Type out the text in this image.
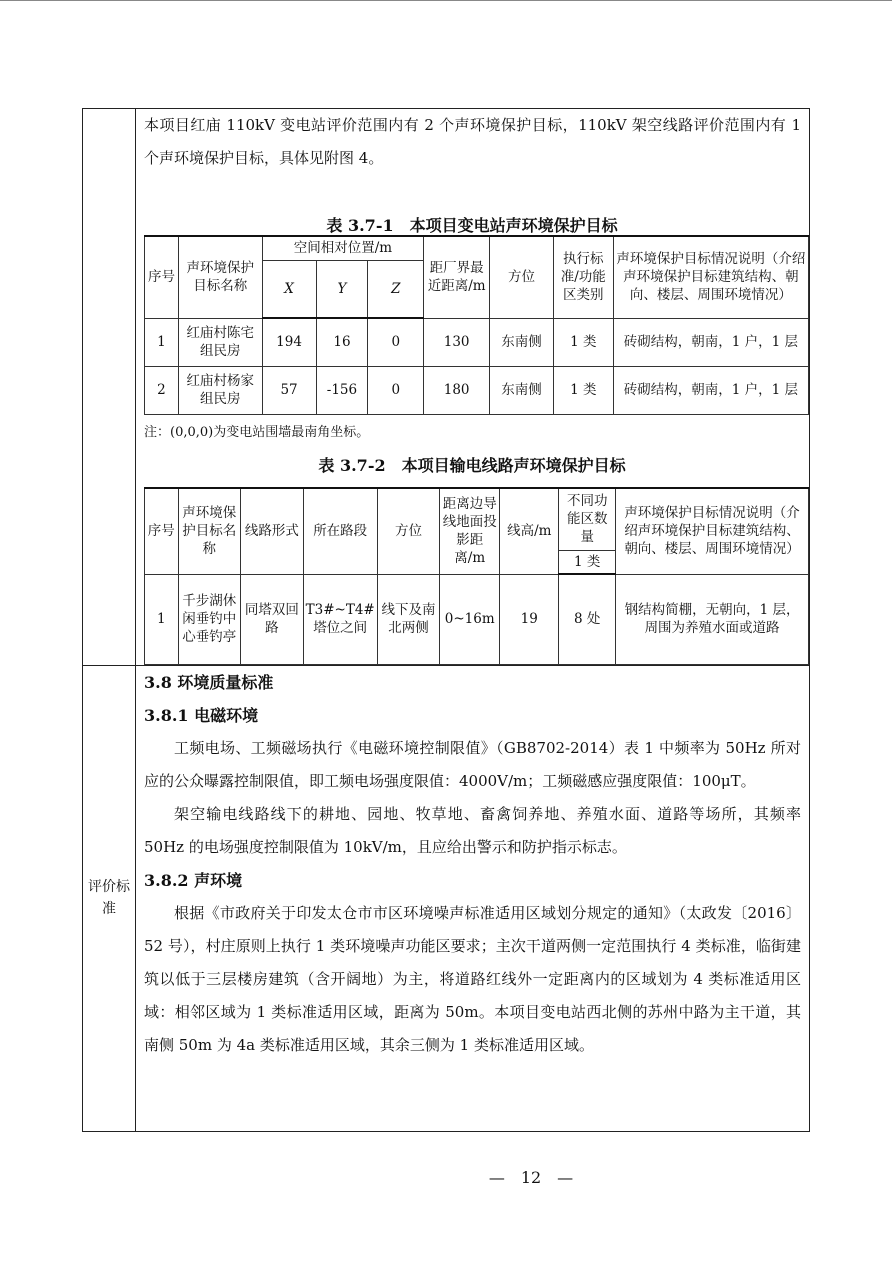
本项目红庙 110kV 变电站评价范围内有 2 个声环境保护目标，110kV 架空线路评价范围内有 1 个声环境保护目标，具体见附图 4。

表 3.7-1　本项目变电站声环境保护目标
序号	声环境保护目标名称	空间相对位置/m			距厂界最近距离/m	方位	执行标准/功能区类别	声环境保护目标情况说明（介绍声环境保护目标建筑结构、朝向、楼层、周围环境情况）
		X	Y	Z				
1	红庙村陈宅组民房	194	16	0	130	东南侧	1 类	砖砌结构，朝南，1 户，1 层
2	红庙村杨家组民房	57	-156	0	180	东南侧	1 类	砖砌结构，朝南，1 户，1 层
注：(0,0,0)为变电站围墙最南角坐标。
表 3.7-2　本项目输电线路声环境保护目标
序号	声环境保护目标名称	线路形式	所在路段	方位	距离边导线地面投影距离/m	线高/m	不同功能区数量	声环境保护目标情况说明（介绍声环境保护目标建筑结构、朝向、楼层、周围环境情况）
							1 类	
1	千步湖休闲垂钓中心垂钓亭	同塔双回路	T3#~T4#塔位之间	线下及南北两侧	0~16m	19	8 处	钢结构简棚，无朝向，1 层，周围为养殖水面或道路
评价标准

3.8 环境质量标准

3.8.1 电磁环境

工频电场、工频磁场执行《电磁环境控制限值》（GB8702-2014）表 1 中频率为 50Hz 所对应的公众曝露控制限值，即工频电场强度限值：4000V/m；工频磁感应强度限值：100μT。

架空输电线路线下的耕地、园地、牧草地、畜禽饲养地、养殖水面、道路等场所，其频率 50Hz 的电场强度控制限值为 10kV/m，且应给出警示和防护指示标志。

3.8.2 声环境

根据《市政府关于印发太仓市市区环境噪声标准适用区域划分规定的通知》（太政发〔2016〕52 号），村庄原则上执行 1 类环境噪声功能区要求；主次干道两侧一定范围执行 4 类标准，临街建筑以低于三层楼房建筑（含开阔地）为主，将道路红线外一定距离内的区域划为 4 类标准适用区域：相邻区域为 1 类标准适用区域，距离为 50m。本项目变电站西北侧的苏州中路为主干道，其南侧 50m 为 4a 类标准适用区域，其余三侧为 1 类标准适用区域。

—　12　—
